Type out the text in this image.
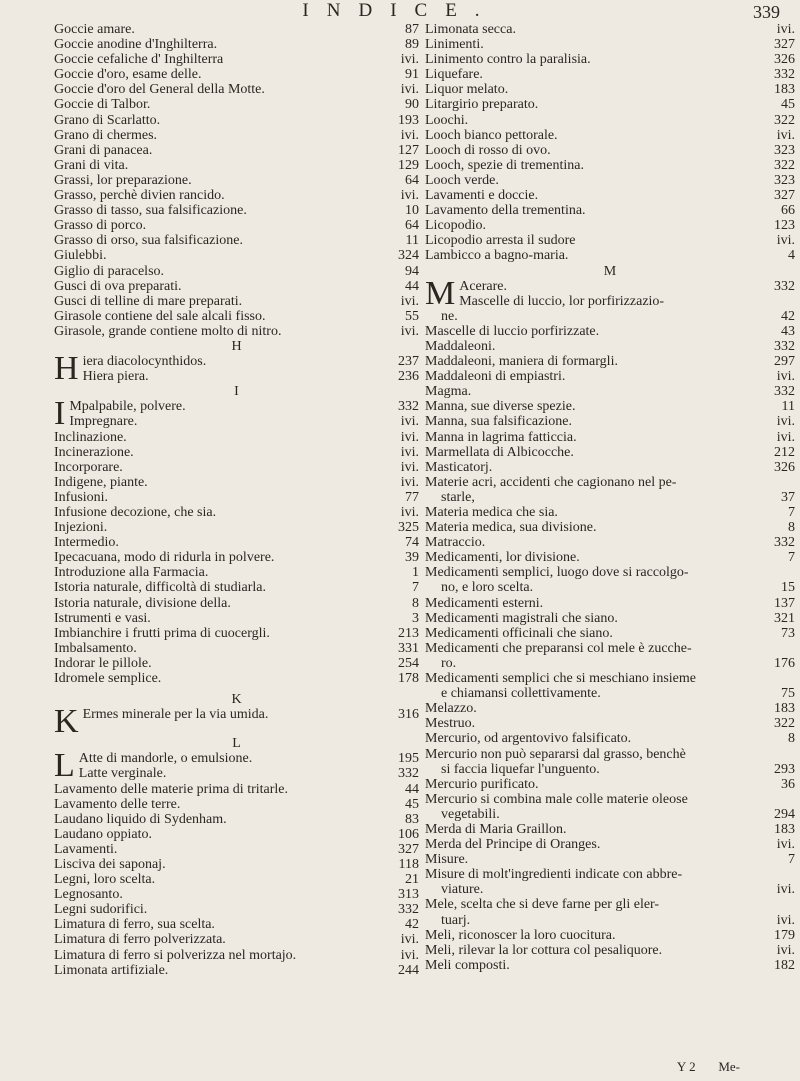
INDICE.	339
Goccie amare.	87
Goccie anodine d'Inghilterra.	89
Goccie cefaliche d' Inghilterra	ivi.
Goccie d'oro, esame delle.	91
Goccie d'oro del General della Motte.	ivi.
Goccie di Talbor.	90
Grano di Scarlatto.	193
Grano di chermes.	ivi.
Grani di panacea.	127
Grani di vita.	129
Grassi, lor preparazione.	64
Grasso, perchè divien rancido.	ivi.
Grasso di tasso, sua falsificazione.	10
Grasso di porco.	64
Grasso di orso, sua falsificazione.	11
Giulebbi.	324
Giglio di paracelso.	94
Gusci di ova preparati.	44
Gusci di telline di mare preparati.	ivi.
Girasole contiene del sale alcali fisso.	55
Girasole, grande contiene molto di nitro.	ivi.
H
H iera diacolocynthidos.	237
Hiera piera.	236
I
I Mpalpabile, polvere.	332
Impregnare.	ivi.
Inclinazione.	ivi.
Incinerazione.	ivi.
Incorporare.	ivi.
Indigene, piante.	ivi.
Infusioni.	77
Infusione decozione, che sia.	ivi.
Injezioni.	325
Intermedio.	74
Ipecacuana, modo di ridurla in polvere.	39
Introduzione alla Farmacia.	1
Istoria naturale, difficoltà di studiarla.	7
Istoria naturale, divisione della.	8
Istrumenti e vasi.	3
Imbianchire i frutti prima di cuocergli.	213
Imbalsamento.	331
Indorar le pillole.	254
Idromele semplice.	178
K
K Ermes minerale per la via umida.	316
L
L Atte di mandorle, o emulsione.	195
Latte verginale.	332
Lavamento delle materie prima di tritarle.	44
Lavamento delle terre.	45
Laudano liquido di Sydenham.	83
Laudano oppiato.	106
Lavamenti.	327
Lisciva dei saponaj.	118
Legni, loro scelta.	21
Legnosanto.	313
Legni sudorifici.	332
Limatura di ferro, sua scelta.	42
Limatura di ferro polverizzata.	ivi.
Limatura di ferro si polverizza nel mortajo.	ivi.
Limonata artifiziale.	244
Limonata secca.	ivi.
Linimenti.	327
Linimento contro la paralisia.	326
Liquefare.	332
Liquor melato.	183
Litargirio preparato.	45
Loochi.	322
Looch bianco pettorale.	ivi.
Looch di rosso di ovo.	323
Looch, spezie di trementina.	322
Looch verde.	323
Lavamenti e doccie.	327
Lavamento della trementina.	66
Licopodio.	123
Licopodio arresta il sudore	ivi.
Lambicco a bagno-maria.	4
M
M Acerare.	332
Mascelle di luccio, lor porfirizzazio-
ne.	42
Mascelle di luccio porfirizzate.	43
Maddaleoni.	332
Maddaleoni, maniera di formargli.	297
Maddaleoni di empiastri.	ivi.
Magma.	332
Manna, sue diverse spezie.	11
Manna, sua falsificazione.	ivi.
Manna in lagrima fatticcia.	ivi.
Marmellata di Albicocche.	212
Masticatorj.	326
Materie acri, accidenti che cagionano nel pe-
starle,	37
Materia medica che sia.	7
Materia medica, sua divisione.	8
Matraccio.	332
Medicamenti, lor divisione.	7
Medicamenti semplici, luogo dove si raccolgo-
no, e loro scelta.	15
Medicamenti esterni.	137
Medicamenti magistrali che siano.	321
Medicamenti officinali che siano.	73
Medicamenti che preparansi col mele è zucche-
ro.	176
Medicamenti semplici che si meschiano insieme
e chiamansi collettivamente.	75
Melazzo.	183
Mestruo.	322
Mercurio, od argentovivo falsificato.	8
Mercurio non può separarsi dal grasso, benchè
si faccia liquefar l'unguento.	293
Mercurio purificato.	36
Mercurio si combina male colle materie oleose
vegetabili.	294
Merda di Maria Graillon.	183
Merda del Principe di Oranges.	ivi.
Misure.	7
Misure di molt'ingredienti indicate con abbre-
viature.	ivi.
Mele, scelta che si deve farne per gli eler-
tuarj.	ivi.
Meli, riconoscer la loro cuocitura.	179
Meli, rilevar la lor cottura col pesaliquore.	ivi.
Meli composti.	182
Y 2 Me-
